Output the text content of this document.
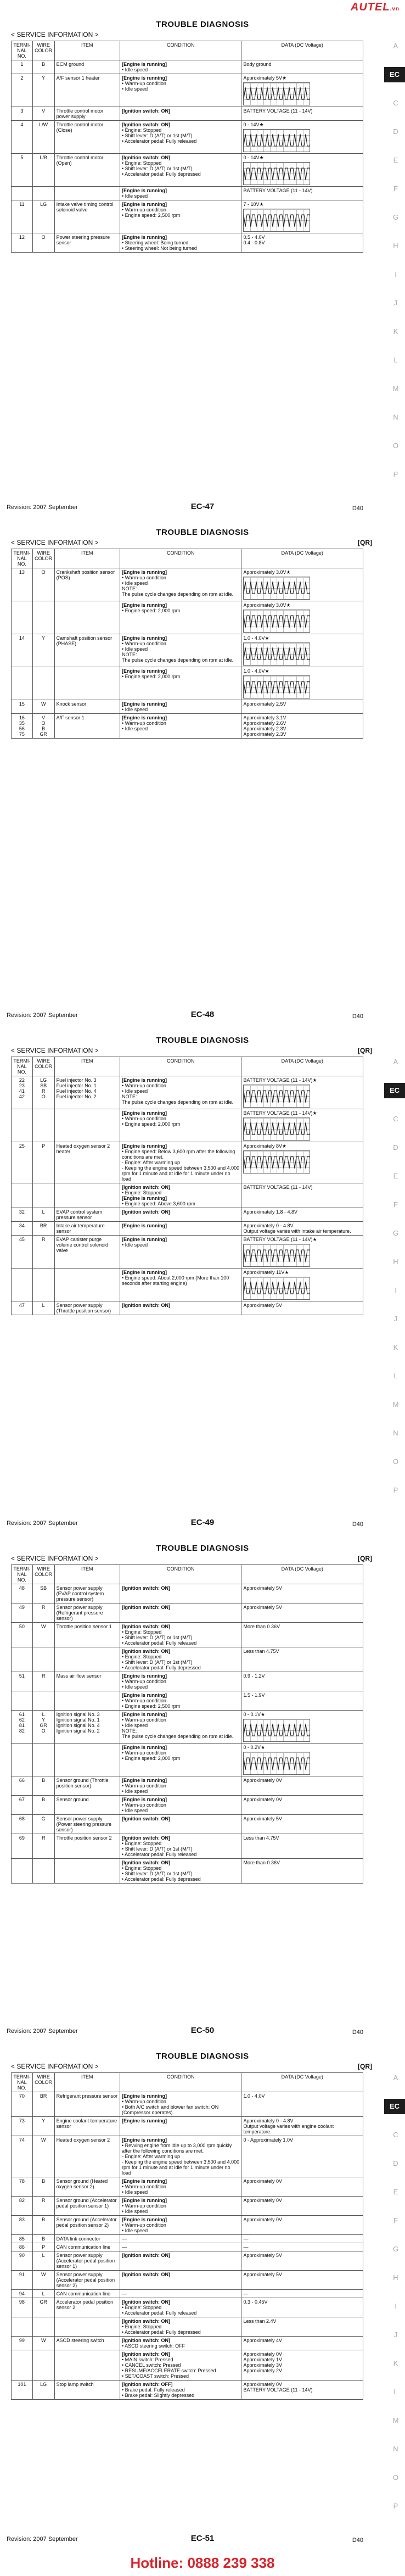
AUTEL.vn
TROUBLE DIAGNOSIS
< SERVICE INFORMATION >
TERMI-NAL NO.	WIRE COLOR	ITEM	CONDITION	DATA (DC Voltage)
1	B	ECM ground	[Engine is running]
• Idle speed	Body ground
2	Y	A/F sensor 1 heater	[Engine is running]
• Warm-up condition
• Idle speed	Approximately 5V★

3	V	Throttle control motor power supply	[Ignition switch: ON]	BATTERY VOLTAGE (11 - 14V)
4	L/W	Throttle control motor (Close)	[Ignition switch: ON]
• Engine: Stopped
• Shift lever: D (A/T) or 1st (M/T)
• Accelerator pedal: Fully released	0 - 14V★

5	L/B	Throttle control motor (Open)	[Ignition switch: ON]
• Engine: Stopped
• Shift lever: D (A/T) or 1st (M/T)
• Accelerator pedal: Fully depressed	0 - 14V★

			[Engine is running]
• Idle speed	BATTERY VOLTAGE (11 - 14V)
11	LG	Intake valve timing control solenoid valve	[Engine is running]
• Warm-up condition
• Engine speed: 2,500 rpm	7 - 10V★

12	O	Power steering pressure sensor	[Engine is running]
• Steering wheel: Being turned
• Steering wheel: Not being turned	0.5 - 4.0V
0.4 - 0.8V
Revision: 2007 September	EC-47	D40
A
EC
C
D
E
F
G
H
I
J
K
L
M
N
O
P
TROUBLE DIAGNOSIS
< SERVICE INFORMATION >	[QR]
TERMI-NAL NO.	WIRE COLOR	ITEM	CONDITION	DATA (DC Voltage)
13	O	Crankshaft position sensor (POS)	[Engine is running]
• Warm-up condition
• Idle speed
NOTE:
The pulse cycle changes depending on rpm at idle.	Approximately 3.0V★

			[Engine is running]
• Engine speed: 2,000 rpm	Approximately 3.0V★

14	Y	Camshaft position sensor (PHASE)	[Engine is running]
• Warm-up condition
• Idle speed
NOTE:
The pulse cycle changes depending on rpm at idle.	1.0 - 4.0V★

			[Engine is running]
• Engine speed: 2,000 rpm	1.0 - 4.0V★

15	W	Knock sensor	[Engine is running]
• Idle speed	Approximately 2.5V
16
35
56
75	V
O
B
GR	A/F sensor 1	[Engine is running]
• Warm-up condition
• Idle speed	Approximately 3.1V
Approximately 2.6V
Approximately 2.3V
Approximately 2.3V
Revision: 2007 September	EC-48	D40
TROUBLE DIAGNOSIS
< SERVICE INFORMATION >	[QR]
TERMI-NAL NO.	WIRE COLOR	ITEM	CONDITION	DATA (DC Voltage)
22
23
41
42	LG
SB
R
O	Fuel injector No. 3
Fuel injector No. 1
Fuel injector No. 4
Fuel injector No. 2	[Engine is running]
• Warm-up condition
• Idle speed
NOTE:
The pulse cycle changes depending on rpm at idle.	BATTERY VOLTAGE (11 - 14V)★

			[Engine is running]
• Warm-up condition
• Engine speed: 2,000 rpm	BATTERY VOLTAGE (11 - 14V)★

25	P	Heated oxygen sensor 2 heater	[Engine is running]
• Engine speed: Below 3,600 rpm after the following conditions are met.
- Engine: After warming up
- Keeping the engine speed between 3,500 and 4,000 rpm for 1 minute and at idle for 1 minute under no load	Approximately 8V★

			[Ignition switch: ON]
• Engine: Stopped
[Engine is running]
• Engine speed: Above 3,600 rpm	BATTERY VOLTAGE (11 - 14V)
32	L	EVAP control system pressure sensor	[Ignition switch: ON]	Approximately 1.8 - 4.8V
34	BR	Intake air temperature sensor	[Engine is running]	Approximately 0 - 4.8V
Output voltage varies with intake air temperature.
45	R	EVAP canister purge volume control solenoid valve	[Engine is running]
• Idle speed	BATTERY VOLTAGE (11 - 14V)★

			[Engine is running]
• Engine speed: About 2,000 rpm (More than 100 seconds after starting engine)	Approximately 11V★

47	L	Sensor power supply (Throttle position sensor)	[Ignition switch: ON]	Approximately 5V
Revision: 2007 September	EC-49	D40
A
EC
C
D
E
F
G
H
I
J
K
L
M
N
O
P
TROUBLE DIAGNOSIS
< SERVICE INFORMATION >	[QR]
TERMI-NAL NO.	WIRE COLOR	ITEM	CONDITION	DATA (DC Voltage)
48	SB	Sensor power supply (EVAP control system pressure sensor)	[Ignition switch: ON]	Approximately 5V
49	R	Sensor power supply (Refrigerant pressure sensor)	[Ignition switch: ON]	Approximately 5V
50	W	Throttle position sensor 1	[Ignition switch: ON]
• Engine: Stopped
• Shift lever: D (A/T) or 1st (M/T)
• Accelerator pedal: Fully released	More than 0.36V
			[Ignition switch: ON]
• Engine: Stopped
• Shift lever: D (A/T) or 1st (M/T)
• Accelerator pedal: Fully depressed	Less than 4.75V
51	R	Mass air flow sensor	[Engine is running]
• Warm-up condition
• Idle speed	0.9 - 1.2V
			[Engine is running]
• Warm-up condition
• Engine speed: 2,500 rpm	1.5 - 1.9V
61
62
81
82	L
Y
GR
O	Ignition signal No. 3
Ignition signal No. 1
Ignition signal No. 4
Ignition signal No. 2	[Engine is running]
• Warm-up condition
• Idle speed
NOTE:
The pulse cycle changes depending on rpm at idle.	0 - 0.1V★

			[Engine is running]
• Warm-up condition
• Engine speed: 2,000 rpm	0 - 0.2V★

66	B	Sensor ground (Throttle position sensor)	[Engine is running]
• Warm-up condition
• Idle speed	Approximately 0V
67	B	Sensor ground	[Engine is running]
• Warm-up condition
• Idle speed	Approximately 0V
68	G	Sensor power supply (Power steering pressure sensor)	[Ignition switch: ON]	Approximately 5V
69	R	Throttle position sensor 2	[Ignition switch: ON]
• Engine: Stopped
• Shift lever: D (A/T) or 1st (M/T)
• Accelerator pedal: Fully released	Less than 4.75V
			[Ignition switch: ON]
• Engine: Stopped
• Shift lever: D (A/T) or 1st (M/T)
• Accelerator pedal: Fully depressed	More than 0.36V
Revision: 2007 September	EC-50	D40
TROUBLE DIAGNOSIS
< SERVICE INFORMATION >	[QR]
TERMI-NAL NO.	WIRE COLOR	ITEM	CONDITION	DATA (DC Voltage)
70	BR	Refrigerant pressure sensor	[Engine is running]
• Warm-up condition
• Both A/C switch and blower fan switch: ON (Compressor operates)	1.0 - 4.0V
73	Y	Engine coolant temperature sensor	[Engine is running]	Approximately 0 - 4.8V
Output voltage varies with engine coolant temperature.
74	W	Heated oxygen sensor 2	[Engine is running]
• Revving engine from idle up to 3,000 rpm quickly after the following conditions are met.
- Engine: After warming up
- Keeping the engine speed between 3,500 and 4,000 rpm for 1 minute and at idle for 1 minute under no load	0 - Approximately 1.0V
78	B	Sensor ground (Heated oxygen sensor 2)	[Engine is running]
• Warm-up condition
• Idle speed	Approximately 0V
82	R	Sensor ground (Accelerator pedal position sensor 1)	[Engine is running]
• Warm-up condition
• Idle speed	Approximately 0V
83	B	Sensor ground (Accelerator pedal position sensor 2)	[Engine is running]
• Warm-up condition
• Idle speed	Approximately 0V
85	B	DATA link connector	—	—
86	P	CAN communication line	—	—
90	L	Sensor power supply (Accelerator pedal position sensor 1)	[Ignition switch: ON]	Approximately 5V
91	W	Sensor power supply (Accelerator pedal position sensor 2)	[Ignition switch: ON]	Approximately 5V
94	L	CAN communication line	—	—
98	GR	Accelerator pedal position sensor 2	[Ignition switch: ON]
• Engine: Stopped
• Accelerator pedal: Fully released	0.3 - 0.45V
			[Ignition switch: ON]
• Engine: Stopped
• Accelerator pedal: Fully depressed	Less than 2.4V
99	W	ASCD steering switch	[Ignition switch: ON]
• ASCD steering switch: OFF	Approximately 4V
			[Ignition switch: ON]
• MAIN switch: Pressed
• CANCEL switch: Pressed
• RESUME/ACCELERATE switch: Pressed
• SET/COAST switch: Pressed	Approximately 0V
Approximately 1V
Approximately 3V
Approximately 2V
101	LG	Stop lamp switch	[Ignition switch: OFF]
• Brake pedal: Fully released
• Brake pedal: Slightly depressed	Approximately 0V
BATTERY VOLTAGE (11 - 14V)
Revision: 2007 September	EC-51	D40
A
EC
C
D
E
F
G
H
I
J
K
L
M
N
O
P
Hotline: 0888 239 338
